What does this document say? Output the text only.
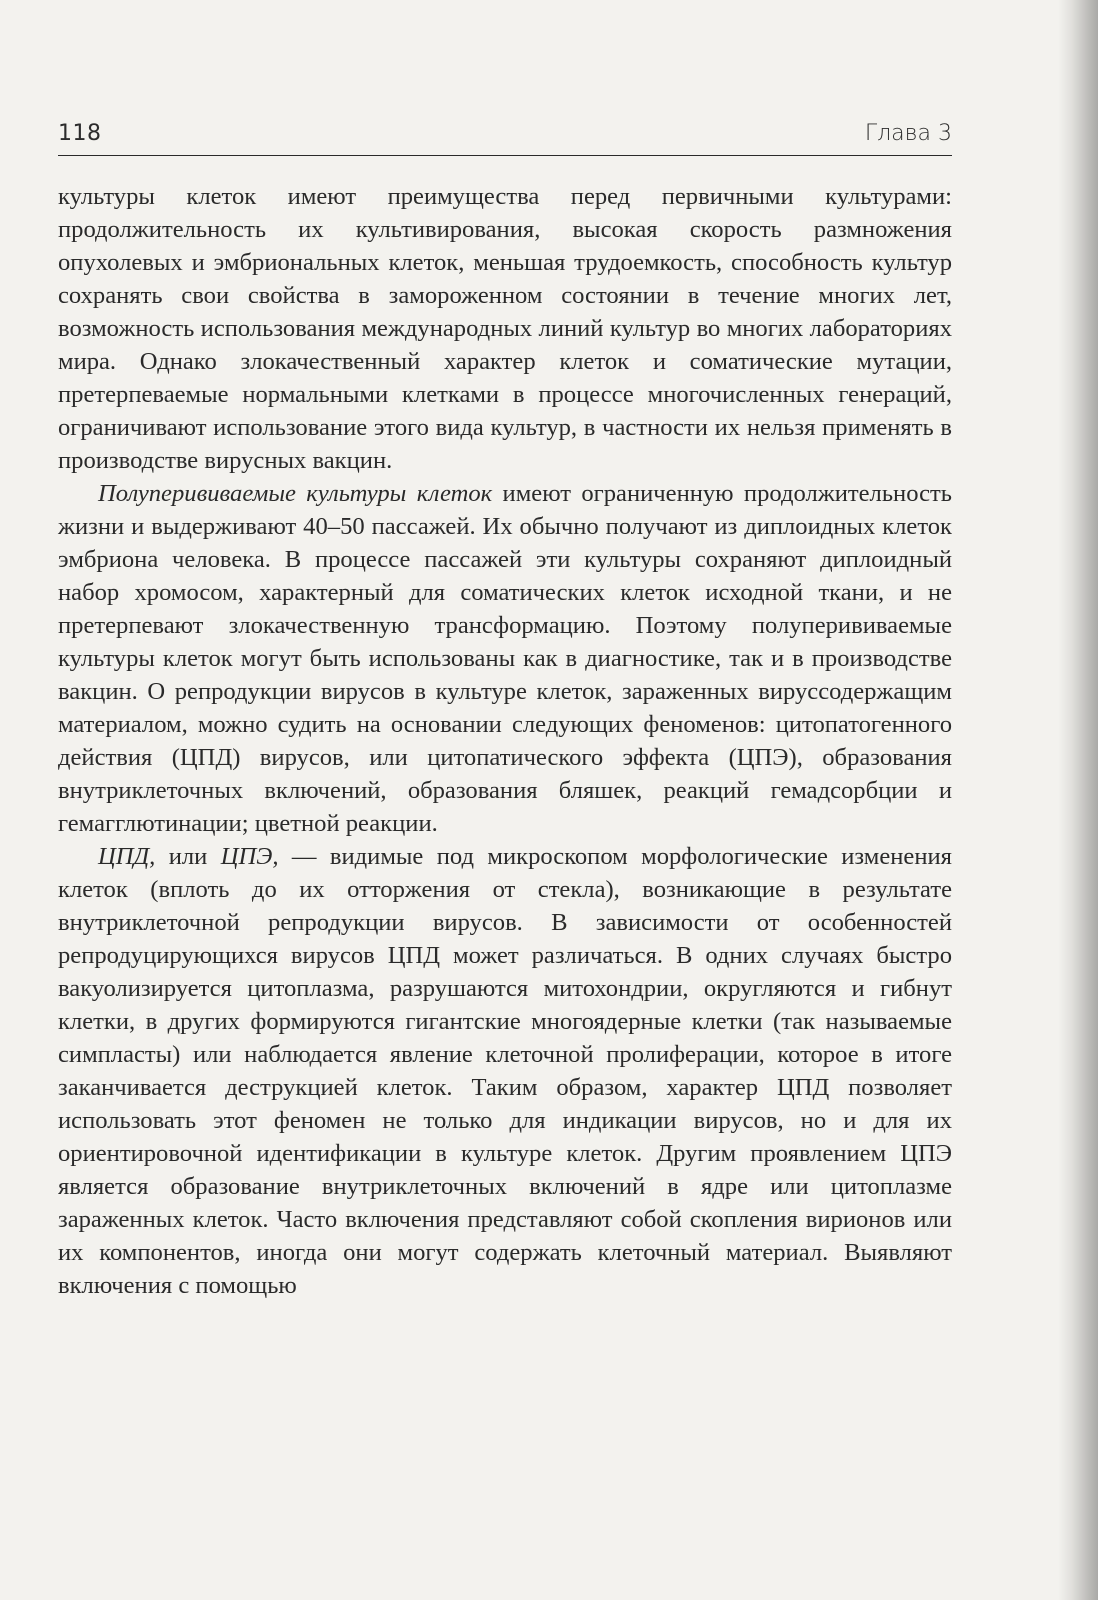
118	Глава 3

культуры клеток имеют преимущества перед первичными культурами: продолжительность их культивирования, высокая скорость размножения опухолевых и эмбриональных клеток, меньшая трудоемкость, способность культур сохранять свои свойства в замороженном состоянии в течение многих лет, возможность использования международных линий культур во многих лабораториях мира. Однако злокачественный характер клеток и соматические мутации, претерпеваемые нормальными клетками в процессе многочисленных генераций, ограничивают использование этого вида культур, в частности их нельзя применять в производстве вирусных вакцин.

Полуперививаемые культуры клеток имеют ограниченную продолжительность жизни и выдерживают 40–50 пассажей. Их обычно получают из диплоидных клеток эмбриона человека. В процессе пассажей эти культуры сохраняют диплоидный набор хромосом, характерный для соматических клеток исходной ткани, и не претерпевают злокачественную трансформацию. Поэтому полуперививаемые культуры клеток могут быть использованы как в диагностике, так и в производстве вакцин. О репродукции вирусов в культуре клеток, зараженных вируссодержащим материалом, можно судить на основании следующих феноменов: цитопатогенного действия (ЦПД) вирусов, или цитопатического эффекта (ЦПЭ), образования внутриклеточных включений, образования бляшек, реакций гемадсорбции и гемагглютинации; цветной реакции.

ЦПД, или ЦПЭ, — видимые под микроскопом морфологические изменения клеток (вплоть до их отторжения от стекла), возникающие в результате внутриклеточной репродукции вирусов. В зависимости от особенностей репродуцирующихся вирусов ЦПД может различаться. В одних случаях быстро вакуолизируется цитоплазма, разрушаются митохондрии, округляются и гибнут клетки, в других формируются гигантские многоядерные клетки (так называемые симпласты) или наблюдается явление клеточной пролиферации, которое в итоге заканчивается деструкцией клеток. Таким образом, характер ЦПД позволяет использовать этот феномен не только для индикации вирусов, но и для их ориентировочной идентификации в культуре клеток. Другим проявлением ЦПЭ является образование внутриклеточных включений в ядре или цитоплазме зараженных клеток. Часто включения представляют собой скопления вирионов или их компонентов, иногда они могут содержать клеточный материал. Выявляют включения с помощью
